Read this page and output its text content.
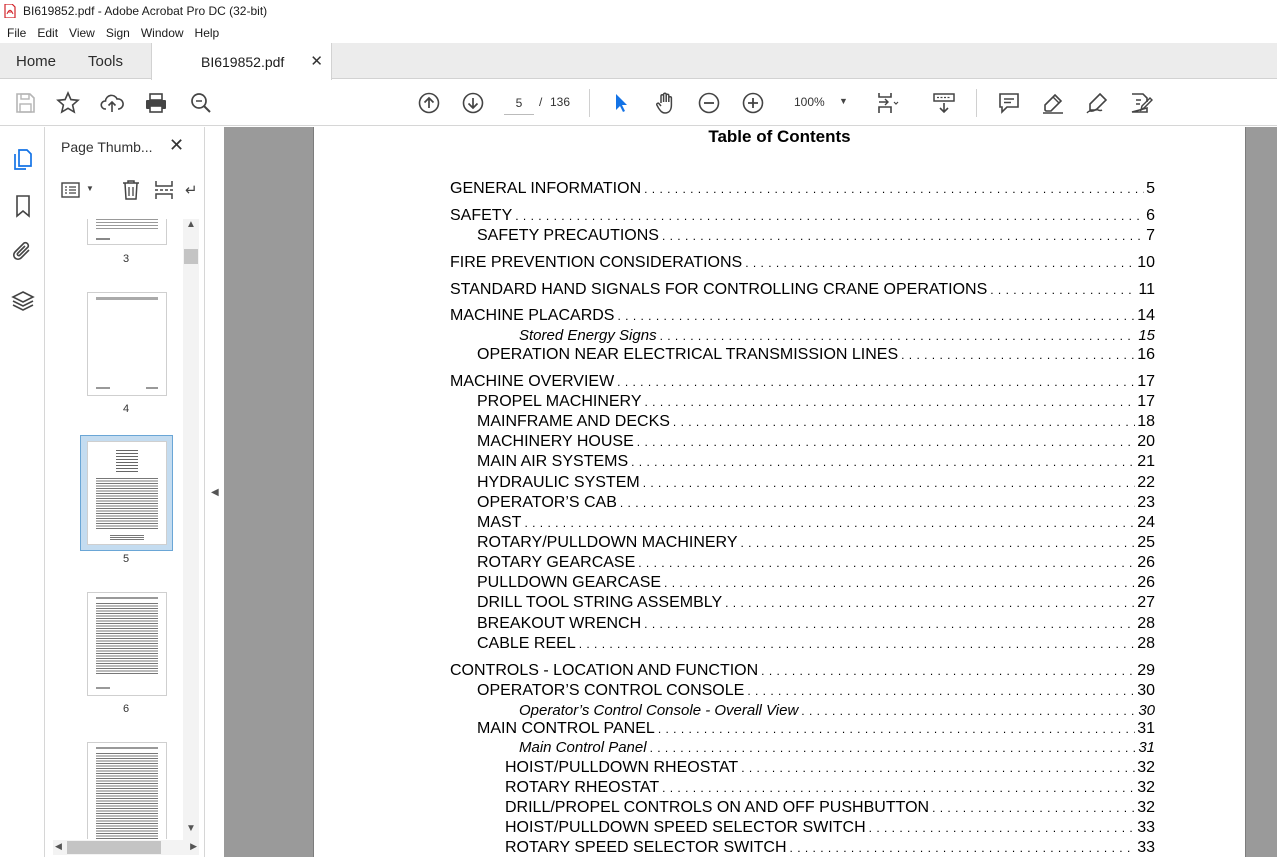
BI619852.pdf - Adobe Acrobat Pro DC (32-bit)
File Edit View Sign Window Help
Home Tools	BI619852.pdf ✕
5
/ 136	100% ▼
Page Thumb... ✕
▼	↵
3
4
5
6
▲
▼
◀	▶
◀
Table of Contents
GENERAL INFORMATION . . .	5
SAFETY . . .	6
SAFETY PRECAUTIONS . . .	7
FIRE PREVENTION CONSIDERATIONS . . .	10
STANDARD HAND SIGNALS FOR CONTROLLING CRANE OPERATIONS . . .	11
MACHINE PLACARDS . . .	14
Stored Energy Signs . . .	15
OPERATION NEAR ELECTRICAL TRANSMISSION LINES . . .	16
MACHINE OVERVIEW . . .	17
PROPEL MACHINERY . . .	17
MAINFRAME AND DECKS . . .	18
MACHINERY HOUSE . . .	20
MAIN AIR SYSTEMS . . .	21
HYDRAULIC SYSTEM . . .	22
OPERATOR’S CAB . . .	23
MAST . . .	24
ROTARY/PULLDOWN MACHINERY . . .	25
ROTARY GEARCASE . . .	26
PULLDOWN GEARCASE . . .	26
DRILL TOOL STRING ASSEMBLY . . .	27
BREAKOUT WRENCH . . .	28
CABLE REEL . . .	28
CONTROLS - LOCATION AND FUNCTION . . .	29
OPERATOR’S CONTROL CONSOLE . . .	30
Operator’s Control Console - Overall View . . .	30
MAIN CONTROL PANEL . . .	31
Main Control Panel . . .	31
HOIST/PULLDOWN RHEOSTAT . . .	32
ROTARY RHEOSTAT . . .	32
DRILL/PROPEL CONTROLS ON AND OFF PUSHBUTTON . . .	32
HOIST/PULLDOWN SPEED SELECTOR SWITCH . . .	33
ROTARY SPEED SELECTOR SWITCH . . .	33
